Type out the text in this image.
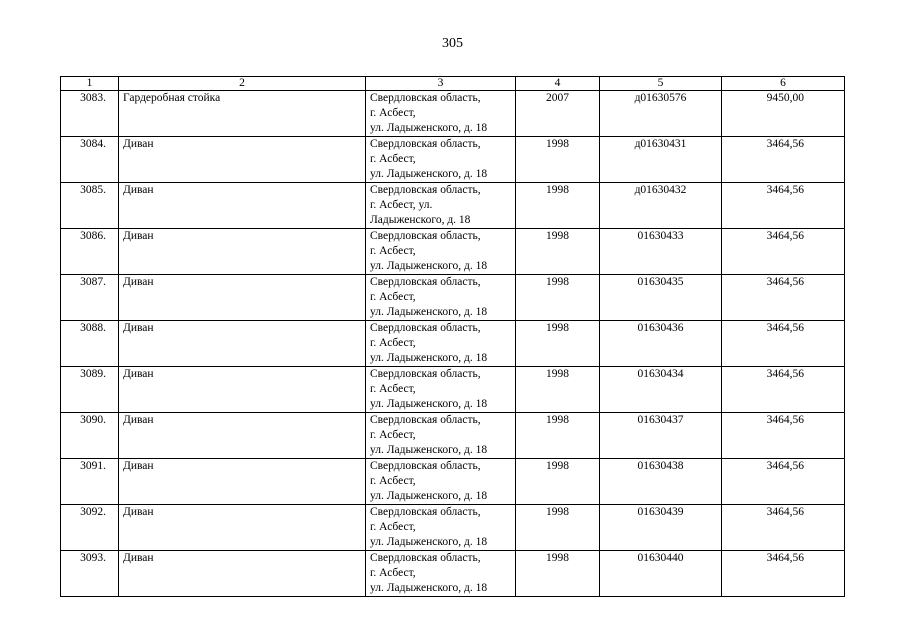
305
1	2	3	4	5	6
3083.	Гардеробная стойка	Свердловская область,
г. Асбест,
ул. Ладыженского, д. 18	2007	д01630576	9450,00
3084.	Диван	Свердловская область,
г. Асбест,
ул. Ладыженского, д. 18	1998	д01630431	3464,56
3085.	Диван	Свердловская область,
г. Асбест, ул.
Ладыженского, д. 18	1998	д01630432	3464,56
3086.	Диван	Свердловская область,
г. Асбест,
ул. Ладыженского, д. 18	1998	01630433	3464,56
3087.	Диван	Свердловская область,
г. Асбест,
ул. Ладыженского, д. 18	1998	01630435	3464,56
3088.	Диван	Свердловская область,
г. Асбест,
ул. Ладыженского, д. 18	1998	01630436	3464,56
3089.	Диван	Свердловская область,
г. Асбест,
ул. Ладыженского, д. 18	1998	01630434	3464,56
3090.	Диван	Свердловская область,
г. Асбест,
ул. Ладыженского, д. 18	1998	01630437	3464,56
3091.	Диван	Свердловская область,
г. Асбест,
ул. Ладыженского, д. 18	1998	01630438	3464,56
3092.	Диван	Свердловская область,
г. Асбест,
ул. Ладыженского, д. 18	1998	01630439	3464,56
3093.	Диван	Свердловская область,
г. Асбест,
ул. Ладыженского, д. 18	1998	01630440	3464,56
